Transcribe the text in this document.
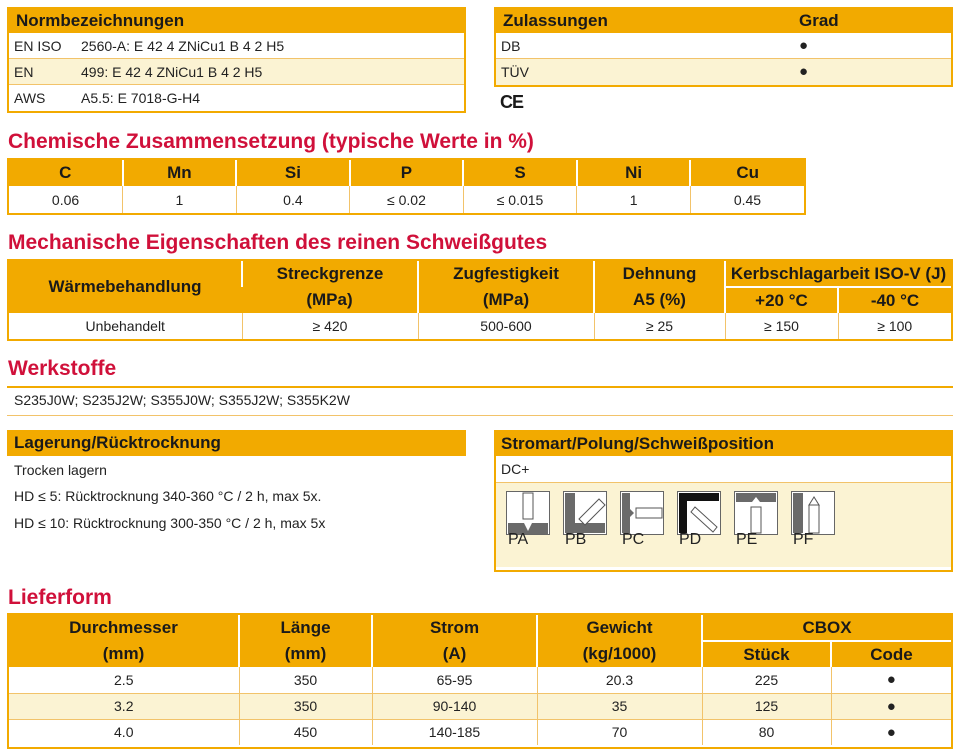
Normbezeichnungen
EN ISO 2560-A: E 42 4 ZNiCu1 B 4 2 H5
EN	499: E 42 4 ZNiCu1 B 4 2 H5
AWS	A5.5: E 7018-G-H4
Zulassungen	Grad
DB	●
TÜV	●
CE
Chemische Zusammensetzung (typische Werte in %)
C	Mn	Si	P	S	Ni	Cu
0.06	1	0.4	≤ 0.02	≤ 0.015	1	0.45
Mechanische Eigenschaften des reinen Schweißgutes
Wärmebehandlung	Streckgrenze	Zugfestigkeit	Dehnung	Kerbschlagarbeit ISO-V (J)	
	(MPa)	(MPa)	A5 (%)	+20 °C	-40 °C
Unbehandelt	≥ 420	500-600	≥ 25	≥ 150	≥ 100
Werkstoffe
S235J0W; S235J2W; S355J0W; S355J2W; S355K2W
Lagerung/Rücktrocknung
Trocken lagern
HD ≤ 5: Rücktrocknung 340-360 °C / 2 h, max 5x.
HD ≤ 10: Rücktrocknung 300-350 °C / 2 h, max 5x
Stromart/Polung/Schweißposition
DC+
PA PB PC PD PE PF
Lieferform
Durchmesser	Länge	Strom	Gewicht	CBOX	
(mm)	(mm)	(A)	(kg/1000)	Stück	Code
2.5	350	65-95	20.3	225	●
3.2	350	90-140	35	125	●
4.0	450	140-185	70	80	●
